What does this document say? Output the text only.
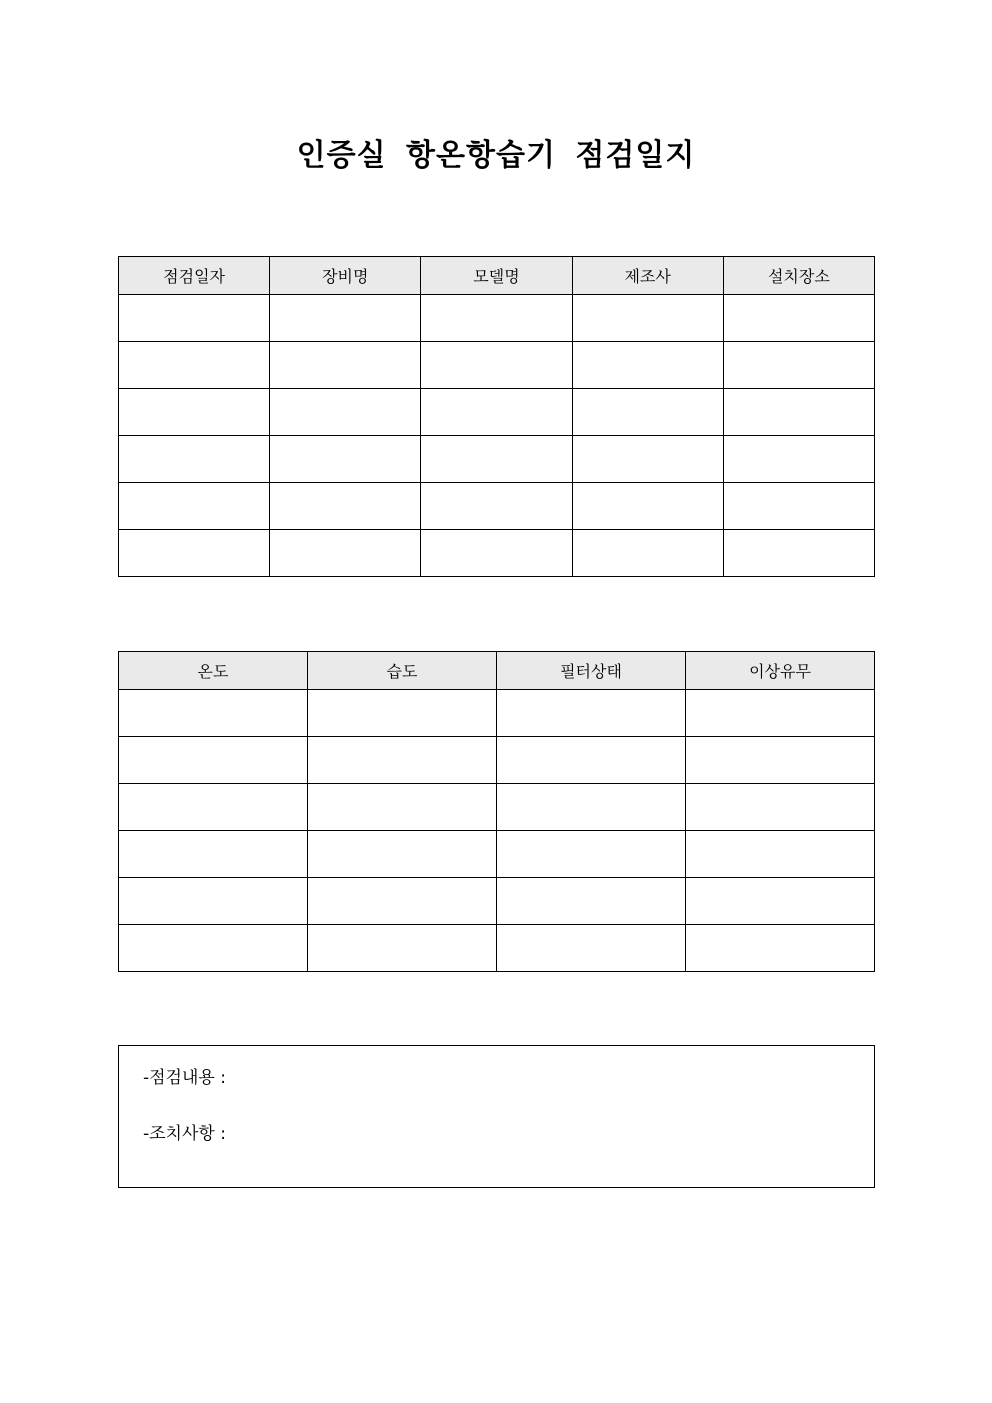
인증실 항온항습기 점검일지
점검일자	장비명	모델명	제조사	설치장소

온도	습도	필터상태	이상유무

-점검내용 :
-조치사항 :
